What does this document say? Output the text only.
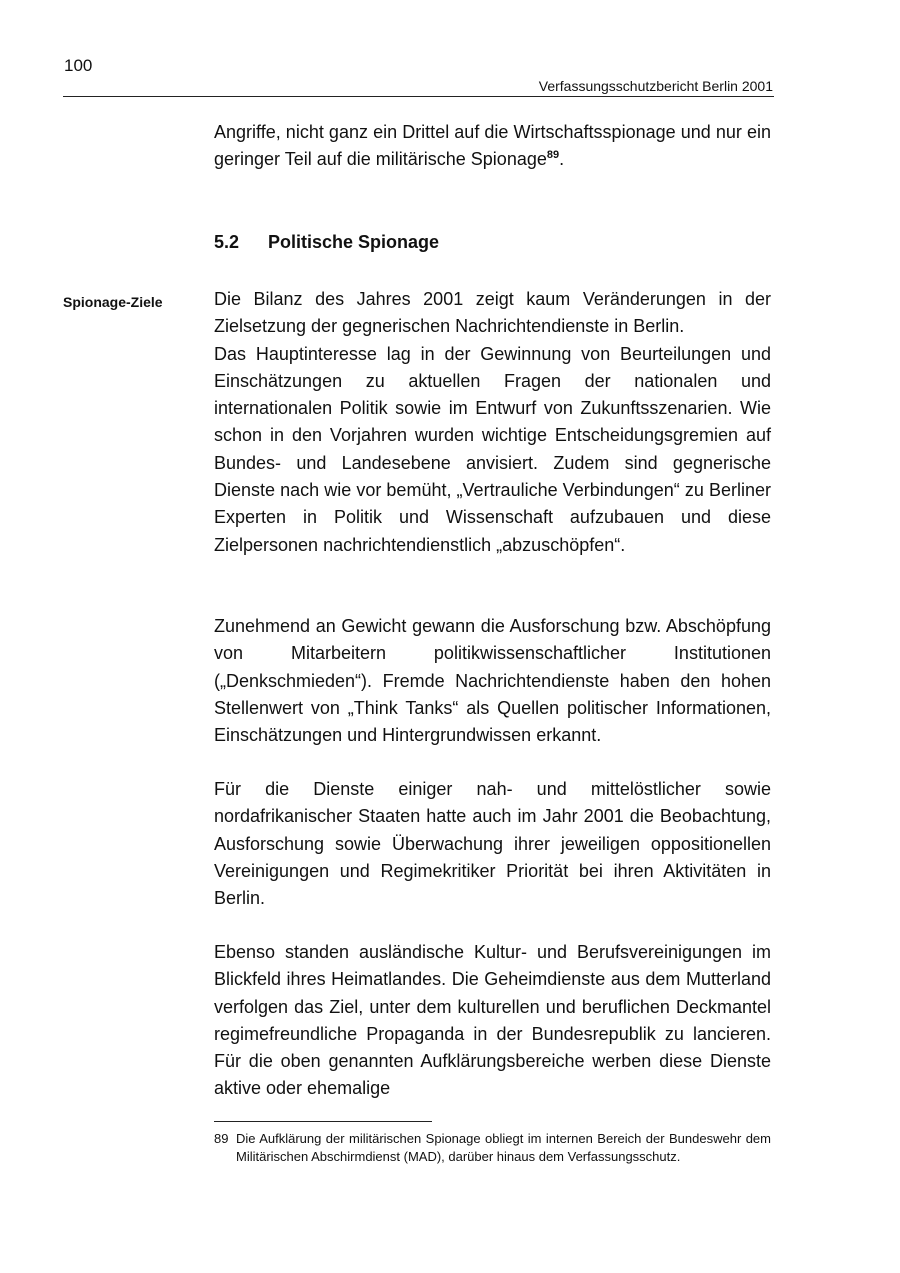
100
Verfassungsschutzbericht Berlin 2001
Angriffe, nicht ganz ein Drittel auf die Wirtschaftsspionage und nur ein geringer Teil auf die militärische Spionage$^{89}$.
5.2 Politische Spionage
Spionage-Ziele	Die Bilanz des Jahres 2001 zeigt kaum Veränderungen in der Zielsetzung der gegnerischen Nachrichtendienste in Berlin.
Das Hauptinteresse lag in der Gewinnung von Beurteilungen und Einschätzungen zu aktuellen Fragen der nationalen und internationalen Politik sowie im Entwurf von Zukunftsszenarien. Wie schon in den Vorjahren wurden wichtige Entscheidungsgremien auf Bundes- und Landesebene anvisiert. Zudem sind gegnerische Dienste nach wie vor bemüht, „Vertrauliche Verbindungen“ zu Berliner Experten in Politik und Wissenschaft aufzubauen und diese Zielpersonen nachrichtendienstlich „abzuschöpfen“.
Zunehmend an Gewicht gewann die Ausforschung bzw. Abschöpfung von Mitarbeitern politikwissenschaftlicher Institutionen („Denkschmieden“). Fremde Nachrichtendienste haben den hohen Stellenwert von „Think Tanks“ als Quellen politischer Informationen, Einschätzungen und Hintergrundwissen erkannt.
Für die Dienste einiger nah- und mittelöstlicher sowie nordafrikanischer Staaten hatte auch im Jahr 2001 die Beobachtung, Ausforschung sowie Überwachung ihrer jeweiligen oppositionellen Vereinigungen und Regimekritiker Priorität bei ihren Aktivitäten in Berlin.
Ebenso standen ausländische Kultur- und Berufsvereinigungen im Blickfeld ihres Heimatlandes. Die Geheimdienste aus dem Mutterland verfolgen das Ziel, unter dem kulturellen und beruflichen Deckmantel regimefreundliche Propaganda in der Bundesrepublik zu lancieren. Für die oben genannten Aufklärungsbereiche werben diese Dienste aktive oder ehemalige
89 Die Aufklärung der militärischen Spionage obliegt im internen Bereich der Bundeswehr dem Militärischen Abschirmdienst (MAD), darüber hinaus dem Verfassungsschutz.
